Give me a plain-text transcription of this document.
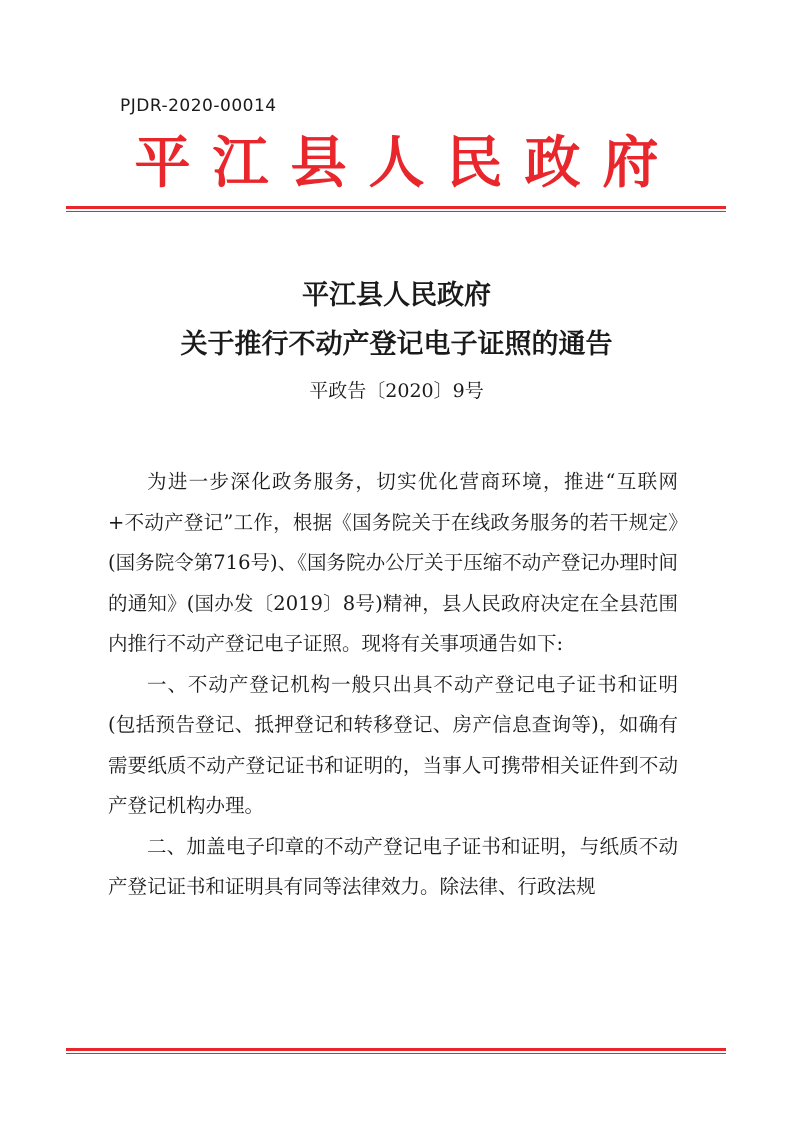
PJDR-2020-00014
平江县人民政府
平江县人民政府
关于推行不动产登记电子证照的通告
平政告〔2020〕9号

为进一步深化政务服务，切实优化营商环境，推进“互联网+不动产登记”工作，根据《国务院关于在线政务服务的若干规定》(国务院令第716号)、《国务院办公厅关于压缩不动产登记办理时间的通知》(国办发〔2019〕8号)精神，县人民政府决定在全县范围内推行不动产登记电子证照。现将有关事项通告如下:

一、不动产登记机构一般只出具不动产登记电子证书和证明(包括预告登记、抵押登记和转移登记、房产信息查询等)，如确有需要纸质不动产登记证书和证明的，当事人可携带相关证件到不动产登记机构办理。

二、加盖电子印章的不动产登记电子证书和证明，与纸质不动产登记证书和证明具有同等法律效力。除法律、行政法规
